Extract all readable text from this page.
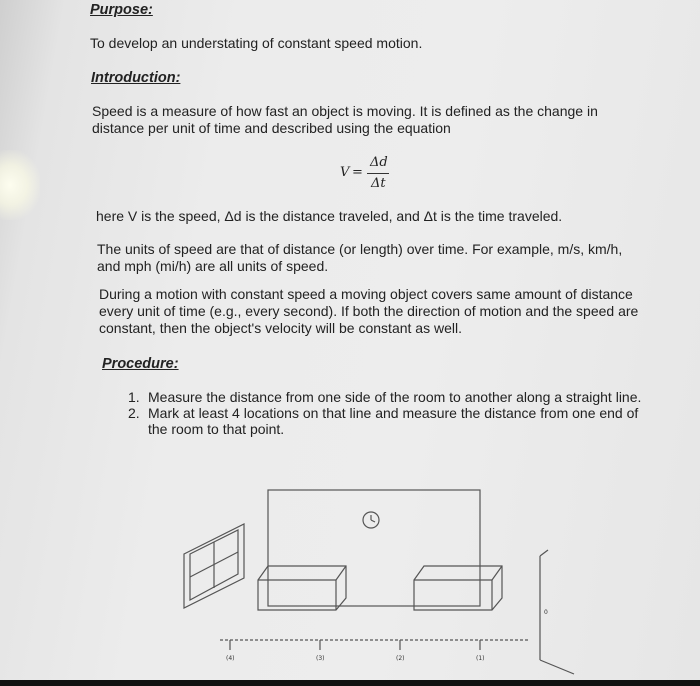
Purpose:
To develop an understating of constant speed motion.
Introduction:
Speed is a measure of how fast an object is moving. It is defined as the change in
distance per unit of time and described using the equation
V =
Δd
Δt
here V is the speed, Δd is the distance traveled, and Δt is the time traveled.
The units of speed are that of distance (or length) over time. For example, m/s, km/h,
and mph (mi/h) are all units of speed.
During a motion with constant speed a moving object covers same amount of distance
every unit of time (e.g., every second). If both the direction of motion and the speed are
constant, then the object's velocity will be constant as well.
Procedure:
1. Measure the distance from one side of the room to another along a straight line.
2. Mark at least 4 locations on that line and measure the distance from one end of
the room to that point.
(4)	(3)	(2)	(1)
0
